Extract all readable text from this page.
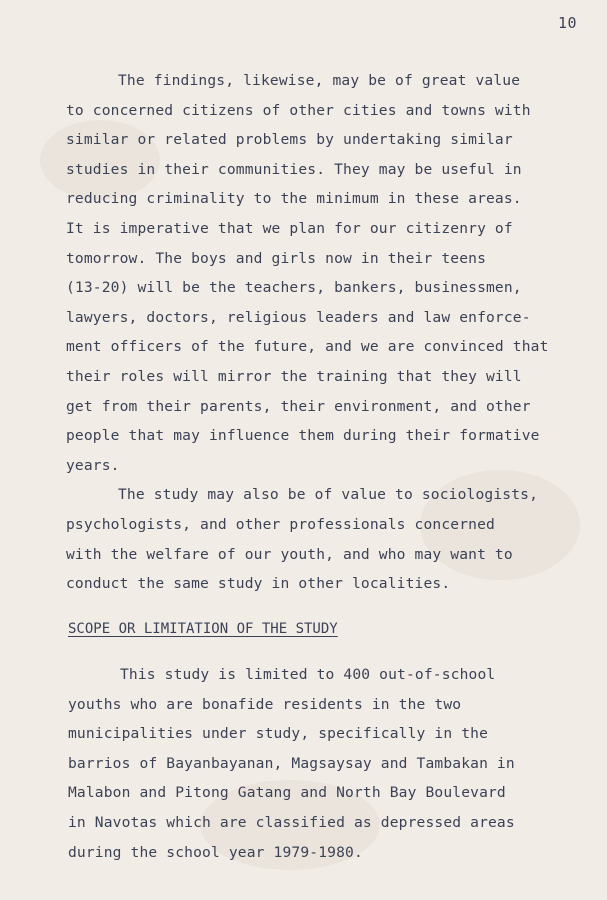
10
The findings, likewise, may be of great value
to concerned citizens of other cities and towns with
similar or related problems by undertaking similar
studies in their communities. They may be useful in
reducing criminality to the minimum in these areas.
It is imperative that we plan for our citizenry of
tomorrow. The boys and girls now in their teens
(13-20) will be the teachers, bankers, businessmen,
lawyers, doctors, religious leaders and law enforce-
ment officers of the future, and we are convinced that
their roles will mirror the training that they will
get from their parents, their environment, and other
people that may influence them during their formative
years.
The study may also be of value to sociologists,
psychologists, and other professionals concerned
with the welfare of our youth, and who may want to
conduct the same study in other localities.
SCOPE OR LIMITATION OF THE STUDY
This study is limited to 400 out-of-school
youths who are bonafide residents in the two
municipalities under study, specifically in the
barrios of Bayanbayanan, Magsaysay and Tambakan in
Malabon and Pitong Gatang and North Bay Boulevard
in Navotas which are classified as depressed areas
during the school year 1979-1980.
